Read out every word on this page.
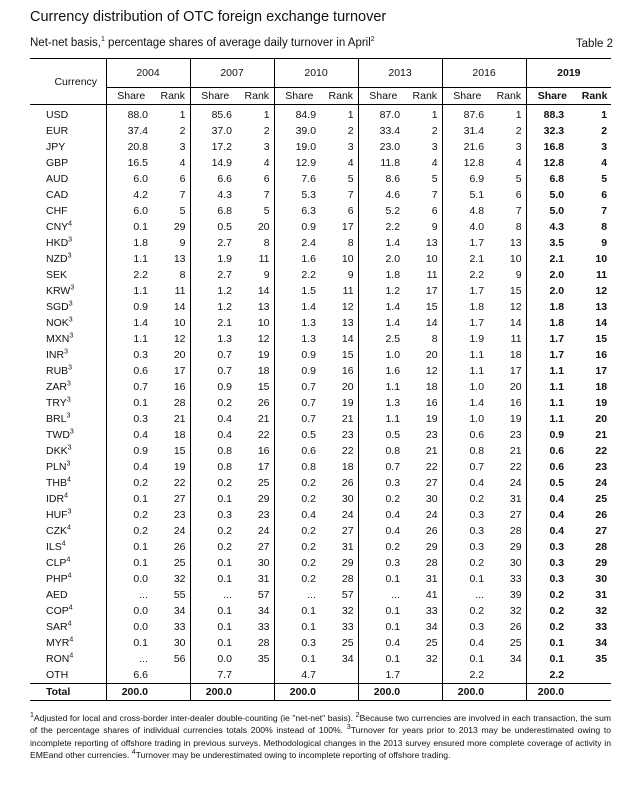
Currency distribution of OTC foreign exchange turnover
Net-net basis,$^1$ percentage shares of average daily turnover in April$^2$	Table 2
Currency	2004		2007		2010		2013		2016		2019	
	Share	Rank	Share	Rank	Share	Rank	Share	Rank	Share	Rank	Share	Rank
USD	88.0	1	85.6	1	84.9	1	87.0	1	87.6	1	88.3	1
EUR	37.4	2	37.0	2	39.0	2	33.4	2	31.4	2	32.3	2
JPY	20.8	3	17.2	3	19.0	3	23.0	3	21.6	3	16.8	3
GBP	16.5	4	14.9	4	12.9	4	11.8	4	12.8	4	12.8	4
AUD	6.0	6	6.6	6	7.6	5	8.6	5	6.9	5	6.8	5
CAD	4.2	7	4.3	7	5.3	7	4.6	7	5.1	6	5.0	6
CHF	6.0	5	6.8	5	6.3	6	5.2	6	4.8	7	5.0	7
CNY$^4$	0.1	29	0.5	20	0.9	17	2.2	9	4.0	8	4.3	8
HKD$^3$	1.8	9	2.7	8	2.4	8	1.4	13	1.7	13	3.5	9
NZD$^3$	1.1	13	1.9	11	1.6	10	2.0	10	2.1	10	2.1	10
SEK	2.2	8	2.7	9	2.2	9	1.8	11	2.2	9	2.0	11
KRW$^3$	1.1	11	1.2	14	1.5	11	1.2	17	1.7	15	2.0	12
SGD$^3$	0.9	14	1.2	13	1.4	12	1.4	15	1.8	12	1.8	13
NOK$^3$	1.4	10	2.1	10	1.3	13	1.4	14	1.7	14	1.8	14
MXN$^3$	1.1	12	1.3	12	1.3	14	2.5	8	1.9	11	1.7	15
INR$^3$	0.3	20	0.7	19	0.9	15	1.0	20	1.1	18	1.7	16
RUB$^3$	0.6	17	0.7	18	0.9	16	1.6	12	1.1	17	1.1	17
ZAR$^3$	0.7	16	0.9	15	0.7	20	1.1	18	1.0	20	1.1	18
TRY$^3$	0.1	28	0.2	26	0.7	19	1.3	16	1.4	16	1.1	19
BRL$^3$	0.3	21	0.4	21	0.7	21	1.1	19	1.0	19	1.1	20
TWD$^3$	0.4	18	0.4	22	0.5	23	0.5	23	0.6	23	0.9	21
DKK$^3$	0.9	15	0.8	16	0.6	22	0.8	21	0.8	21	0.6	22
PLN$^3$	0.4	19	0.8	17	0.8	18	0.7	22	0.7	22	0.6	23
THB$^4$	0.2	22	0.2	25	0.2	26	0.3	27	0.4	24	0.5	24
IDR$^4$	0.1	27	0.1	29	0.2	30	0.2	30	0.2	31	0.4	25
HUF$^3$	0.2	23	0.3	23	0.4	24	0.4	24	0.3	27	0.4	26
CZK$^4$	0.2	24	0.2	24	0.2	27	0.4	26	0.3	28	0.4	27
ILS$^4$	0.1	26	0.2	27	0.2	31	0.2	29	0.3	29	0.3	28
CLP$^4$	0.1	25	0.1	30	0.2	29	0.3	28	0.2	30	0.3	29
PHP$^4$	0.0	32	0.1	31	0.2	28	0.1	31	0.1	33	0.3	30
AED	...	55	...	57	...	57	...	41	...	39	0.2	31
COP$^4$	0.0	34	0.1	34	0.1	32	0.1	33	0.2	32	0.2	32
SAR$^4$	0.0	33	0.1	33	0.1	33	0.1	34	0.3	26	0.2	33
MYR$^4$	0.1	30	0.1	28	0.3	25	0.4	25	0.4	25	0.1	34
RON$^4$	...	56	0.0	35	0.1	34	0.1	32	0.1	34	0.1	35
OTH	6.6		7.7		4.7		1.7		2.2		2.2	
Total	200.0		200.0		200.0		200.0		200.0		200.0	
$^1$Adjusted for local and cross-border inter-dealer double-counting (ie "net-net" basis). $^2$Because two currencies are involved in each transaction, the sum of the percentage shares of individual currencies totals 200% instead of 100%. $^3$Turnover for years prior to 2013 may be underestimated owing to incomplete reporting of offshore trading in previous surveys. Methodological changes in the 2013 survey ensured more complete coverage of activity in EMEand other currencies. $^4$Turnover may be underestimated owing to incomplete reporting of offshore trading.
